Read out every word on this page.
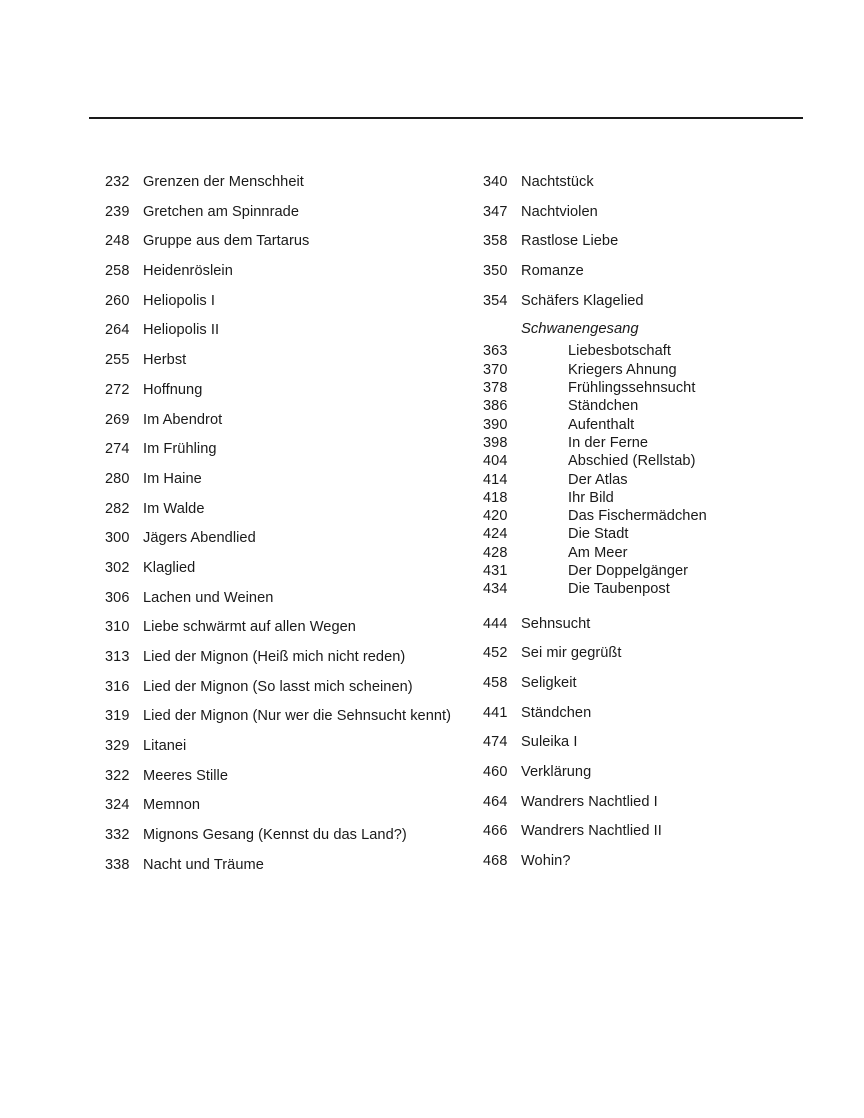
232 Grenzen der Menschheit
239 Gretchen am Spinnrade
248 Gruppe aus dem Tartarus
258 Heidenröslein
260 Heliopolis I
264 Heliopolis II
255 Herbst
272 Hoffnung
269 Im Abendrot
274 Im Frühling
280 Im Haine
282 Im Walde
300 Jägers Abendlied
302 Klaglied
306 Lachen und Weinen
310 Liebe schwärmt auf allen Wegen
313 Lied der Mignon (Heiß mich nicht reden)
316 Lied der Mignon (So lasst mich scheinen)
319 Lied der Mignon (Nur wer die Sehnsucht kennt)
329 Litanei
322 Meeres Stille
324 Memnon
332 Mignons Gesang (Kennst du das Land?)
338 Nacht und Träume
340 Nachtstück
347 Nachtviolen
358 Rastlose Liebe
350 Romanze
354 Schäfers Klagelied
Schwanengesang
363	Liebesbotschaft
370	Kriegers Ahnung
378	Frühlingssehnsucht
386	Ständchen
390	Aufenthalt
398	In der Ferne
404	Abschied (Rellstab)
414	Der Atlas
418	Ihr Bild
420	Das Fischermädchen
424	Die Stadt
428	Am Meer
431	Der Doppelgänger
434	Die Taubenpost
444 Sehnsucht
452 Sei mir gegrüßt
458 Seligkeit
441 Ständchen
474 Suleika I
460 Verklärung
464 Wandrers Nachtlied I
466 Wandrers Nachtlied II
468 Wohin?
